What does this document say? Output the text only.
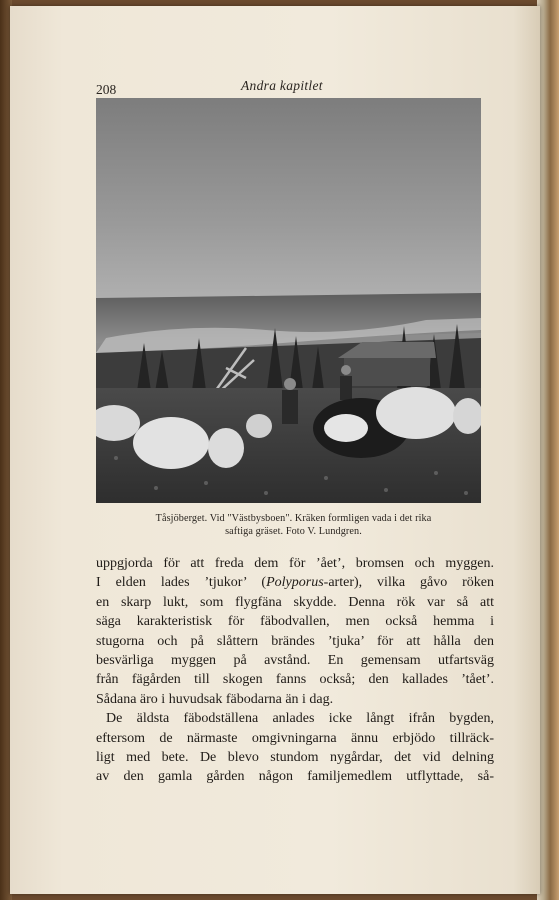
208	Andra kapitlet
Tåsjöberget. Vid "Västbysboen". Kräken formligen vada i det rika
saftiga gräset. Foto V. Lundgren.
uppgjorda för att freda dem för ’ået’, bromsen och myggen.
I elden lades ’tjukor’ (Polyporus-arter), vilka gåvo röken
en skarp lukt, som flygfäna skydde. Denna rök var så att
säga karakteristisk för fäbodvallen, men också hemma i
stugorna och på slåttern brändes ’tjuka’ för att hålla den
besvärliga myggen på avstånd. En gemensam utfartsväg
från fägården till skogen fanns också; den kallades ’tået’.
Sådana äro i huvudsak fäbodarna än i dag.
De äldsta fäbodställena anlades icke långt ifrån bygden,
eftersom de närmaste omgivningarna ännu erbjödo tillräck-
ligt med bete. De blevo stundom nygårdar, det vid delning
av den gamla gården någon familjemedlem utflyttade, så-
